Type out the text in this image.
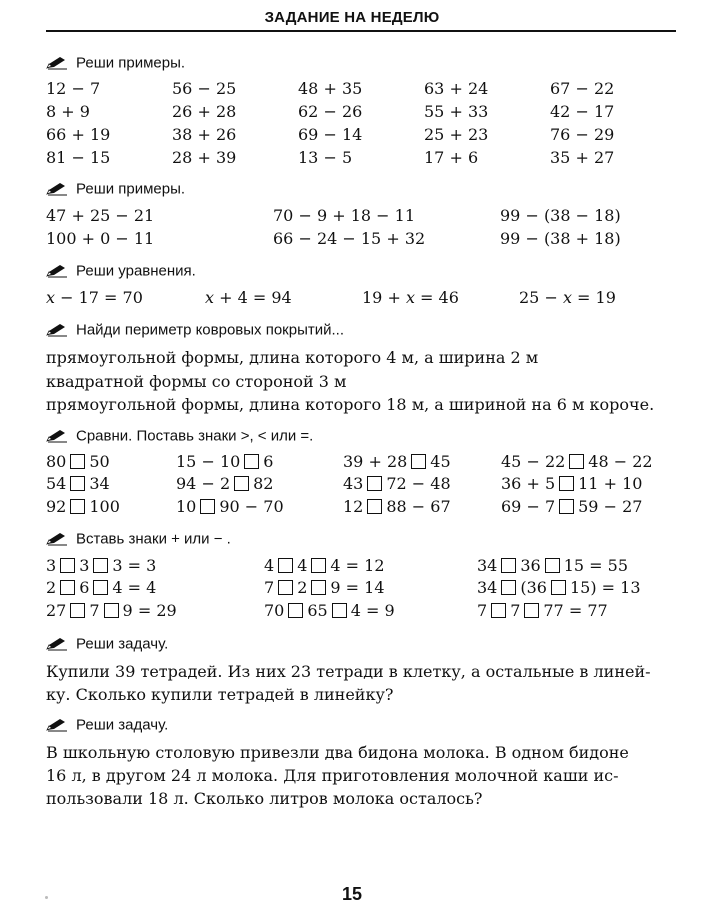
ЗАДАНИЕ НА НЕДЕЛЮ
Реши примеры.
Реши примеры.
Реши уравнения.
Найди периметр ковровых покрытий...
Сравни. Поставь знаки >, < или =.
Вставь знаки + или − .
Реши задачу.
Реши задачу.
12 − 7	56 − 25	48 + 35	63 + 24	67 − 22
8 + 9	26 + 28	62 − 26	55 + 33	42 − 17
66 + 19	38 + 26	69 − 14	25 + 23	76 − 29
81 − 15	28 + 39	13 − 5	17 + 6	35 + 27
47 + 25 − 21	70 − 9 + 18 − 11	99 − (38 − 18)
100 + 0 − 11	66 − 24 − 15 + 32	99 − (38 + 18)
x − 17 = 70	x + 4 = 94	19 + x = 46	25 − x = 19
прямоугольной формы, длина которого 4 м, а ширина 2 м
квадратной формы со стороной 3 м
прямоугольной формы, длина которого 18 м, а шириной на 6 м короче.
80 50	15 − 10 6	39 + 28 45	45 − 22 48 − 22
54 34	94 − 2 82	43 72 − 48	36 + 5 11 + 10
92 100	10 90 − 70	12 88 − 67	69 − 7 59 − 27
3 3 3 = 3	4 4 4 = 12	34 36 15 = 55
2 6 4 = 4	7 2 9 = 14	34 (36 15) = 13
27 7 9 = 29	70 65 4 = 9	7 7 77 = 77
Купили 39 тетрадей. Из них 23 тетради в клетку, а остальные в линей-
ку. Сколько купили тетрадей в линейку?
В школьную столовую привезли два бидона молока. В одном бидоне
16 л, в другом 24 л молока. Для приготовления молочной каши ис-
пользовали 18 л. Сколько литров молока осталось?
15
